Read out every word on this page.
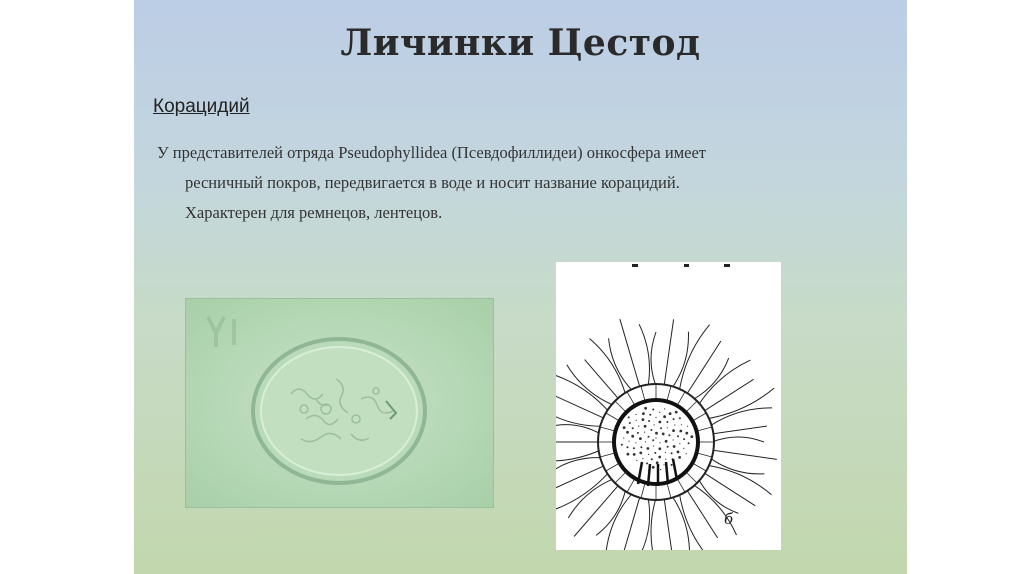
Личинки Цестод
Корацидий
У представителей отряда Pseudophyllidea (Псевдофиллидеи) онкосфера имеет
ресничный покров, передвигается в воде и носит название корацидий.
Характерен для ремнецов, лентецов.
б
